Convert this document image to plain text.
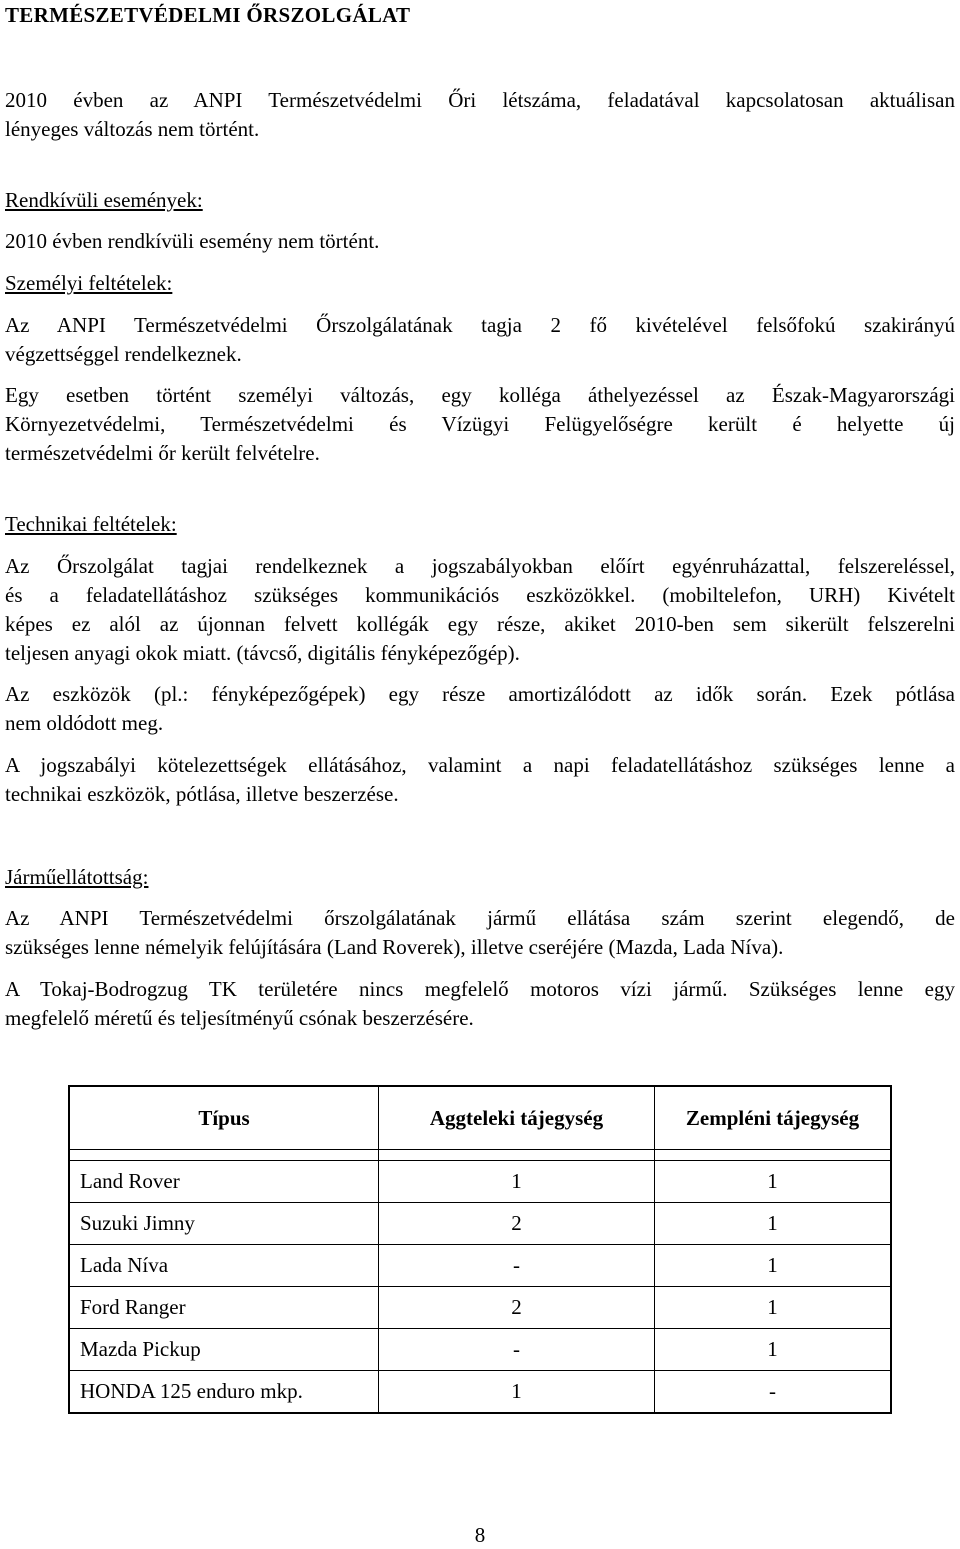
TERMÉSZETVÉDELMI ŐRSZOLGÁLAT
2010 évben az ANPI Természetvédelmi Őri létszáma, feladatával kapcsolatosan aktuálisan
lényeges változás nem történt.
Rendkívüli események:
2010 évben rendkívüli esemény nem történt.
Személyi feltételek:
Az ANPI Természetvédelmi Őrszolgálatának tagja 2 fő kivételével felsőfokú szakirányú
végzettséggel rendelkeznek.
Egy esetben történt személyi változás, egy kolléga áthelyezéssel az Észak-Magyarországi
Környezetvédelmi, Természetvédelmi és Vízügyi Felügyelőségre került é helyette új
természetvédelmi őr került felvételre.
Technikai feltételek:
Az Őrszolgálat tagjai rendelkeznek a jogszabályokban előírt egyénruházattal, felszereléssel,
és a feladatellátáshoz szükséges kommunikációs eszközökkel. (mobiltelefon, URH) Kivételt
képes ez alól az újonnan felvett kollégák egy része, akiket 2010-ben sem sikerült felszerelni
teljesen anyagi okok miatt. (távcső, digitális fényképezőgép).
Az eszközök (pl.: fényképezőgépek) egy része amortizálódott az idők során. Ezek pótlása
nem oldódott meg.
A jogszabályi kötelezettségek ellátásához, valamint a napi feladatellátáshoz szükséges lenne a
technikai eszközök, pótlása, illetve beszerzése.
Járműellátottság:
Az ANPI Természetvédelmi őrszolgálatának jármű ellátása szám szerint elegendő, de
szükséges lenne némelyik felújítására (Land Roverek), illetve cseréjére (Mazda, Lada Níva).
A Tokaj-Bodrogzug TK területére nincs megfelelő motoros vízi jármű. Szükséges lenne egy
megfelelő méretű és teljesítményű csónak beszerzésére.
Típus	Aggteleki tájegység	Zempléni tájegység

Land Rover	1	1
Suzuki Jimny	2	1
Lada Níva	-	1
Ford Ranger	2	1
Mazda Pickup	-	1
HONDA 125 enduro mkp.	1	-
8
